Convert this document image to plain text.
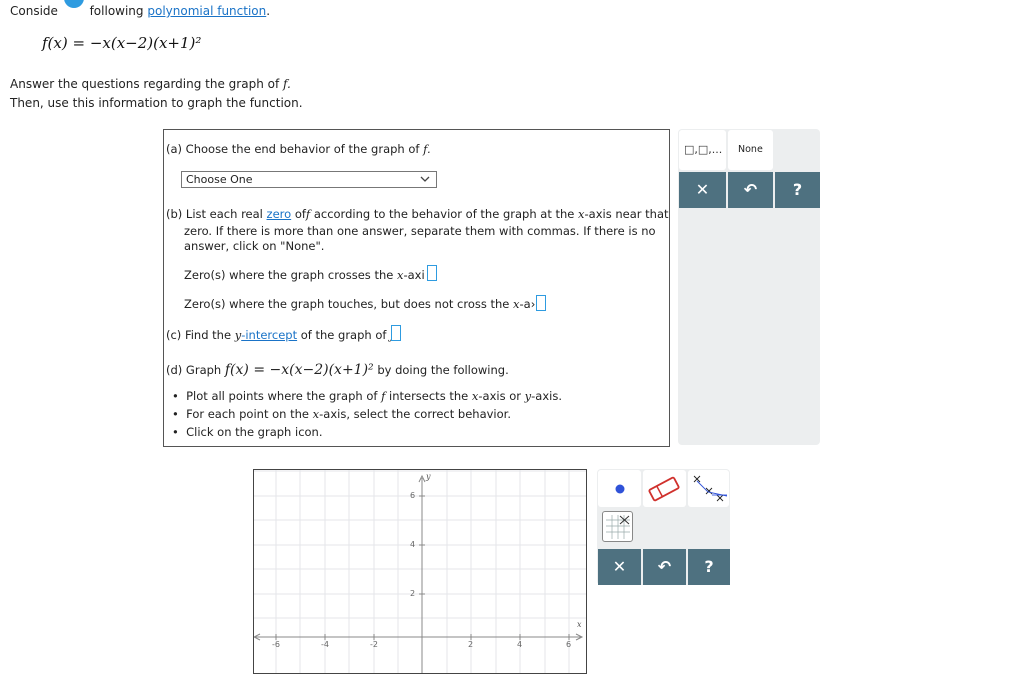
Conside	following polynomial function.
f(x) = −x(x−2)(x+1)²
Answer the questions regarding the graph of f.
Then, use this information to graph the function.
(a) Choose the end behavior of the graph of f.
Choose One
(b) List each real zero off according to the behavior of the graph at the x-axis near that
zero. If there is more than one answer, separate them with commas. If there is no
answer, click on "None".
Zero(s) where the graph crosses the x-axi
Zero(s) where the graph touches, but does not cross the x-a›
(c) Find the y-intercept of the graph of
(d) Graph f(x) = −x(x−2)(x+1)² by doing the following.
•  Plot all points where the graph of f intersects the x-axis or y-axis.
•  For each point on the x-axis, select the correct behavior.
•  Click on the graph icon.
□,□,... None
✕	↶	?
y
x
-6	-4	-2	2	4	6
6
4
2
✕	↶	?
